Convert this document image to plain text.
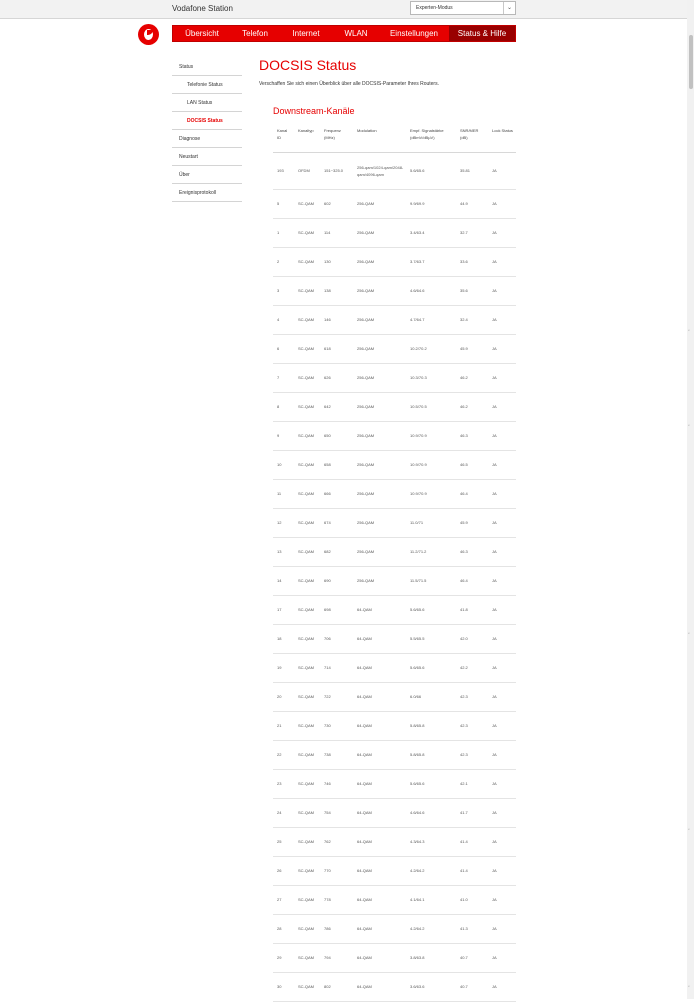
Vodafone Station	Experten-Modus	⌄
ˇ
ˇ
ˇ
ˇ
ˇ
Übersicht	Telefon	Internet	WLAN	Einstellungen	Status & Hilfe
Status
Telefonie Status
LAN Status
DOCSIS Status
Diagnose
Neustart
Über
Ereignisprotokoll
DOCSIS Status

Verschaffen Sie sich einen Überblick über alle DOCSIS-Parameter Ihres Routers.

Downstream-Kanäle
Kanal ID	Kanaltyp	Frequenz (MHz)	Modulation	Empf. Signalstärke (dBmV/dBµV)	SNR/MER (dB)	Lock Status
193	OFDM	151~325.0	256-qam/1024-qam/2048-qam/4096-qam	5.6/65.6	35.81	JA
5	SC-QAM	602	256-QAM	9.9/69.9	44.9	JA
1	SC-QAM	114	256-QAM	3.4/63.4	32.7	JA
2	SC-QAM	130	256-QAM	3.7/63.7	33.6	JA
3	SC-QAM	138	256-QAM	4.6/64.6	35.6	JA
4	SC-QAM	146	256-QAM	4.7/64.7	32.4	JA
6	SC-QAM	618	256-QAM	10.2/70.2	45.9	JA
7	SC-QAM	626	256-QAM	10.3/70.3	46.2	JA
8	SC-QAM	642	256-QAM	10.5/70.5	46.2	JA
9	SC-QAM	650	256-QAM	10.9/70.9	46.3	JA
10	SC-QAM	658	256-QAM	10.9/70.9	46.5	JA
11	SC-QAM	666	256-QAM	10.9/70.9	46.4	JA
12	SC-QAM	674	256-QAM	11.0/71	45.9	JA
13	SC-QAM	682	256-QAM	11.2/71.2	46.3	JA
14	SC-QAM	690	256-QAM	11.5/71.5	46.4	JA
17	SC-QAM	698	64-QAM	5.6/65.6	41.8	JA
18	SC-QAM	706	64-QAM	5.5/65.5	42.0	JA
19	SC-QAM	714	64-QAM	5.6/65.6	42.2	JA
20	SC-QAM	722	64-QAM	6.0/66	42.3	JA
21	SC-QAM	730	64-QAM	5.8/65.8	42.3	JA
22	SC-QAM	738	64-QAM	5.8/65.8	42.3	JA
23	SC-QAM	746	64-QAM	5.6/65.6	42.1	JA
24	SC-QAM	754	64-QAM	4.6/64.6	41.7	JA
25	SC-QAM	762	64-QAM	4.3/64.3	41.4	JA
26	SC-QAM	770	64-QAM	4.2/64.2	41.4	JA
27	SC-QAM	778	64-QAM	4.1/64.1	41.0	JA
28	SC-QAM	786	64-QAM	4.2/64.2	41.3	JA
29	SC-QAM	794	64-QAM	3.8/63.8	40.7	JA
30	SC-QAM	802	64-QAM	3.6/63.6	40.7	JA
